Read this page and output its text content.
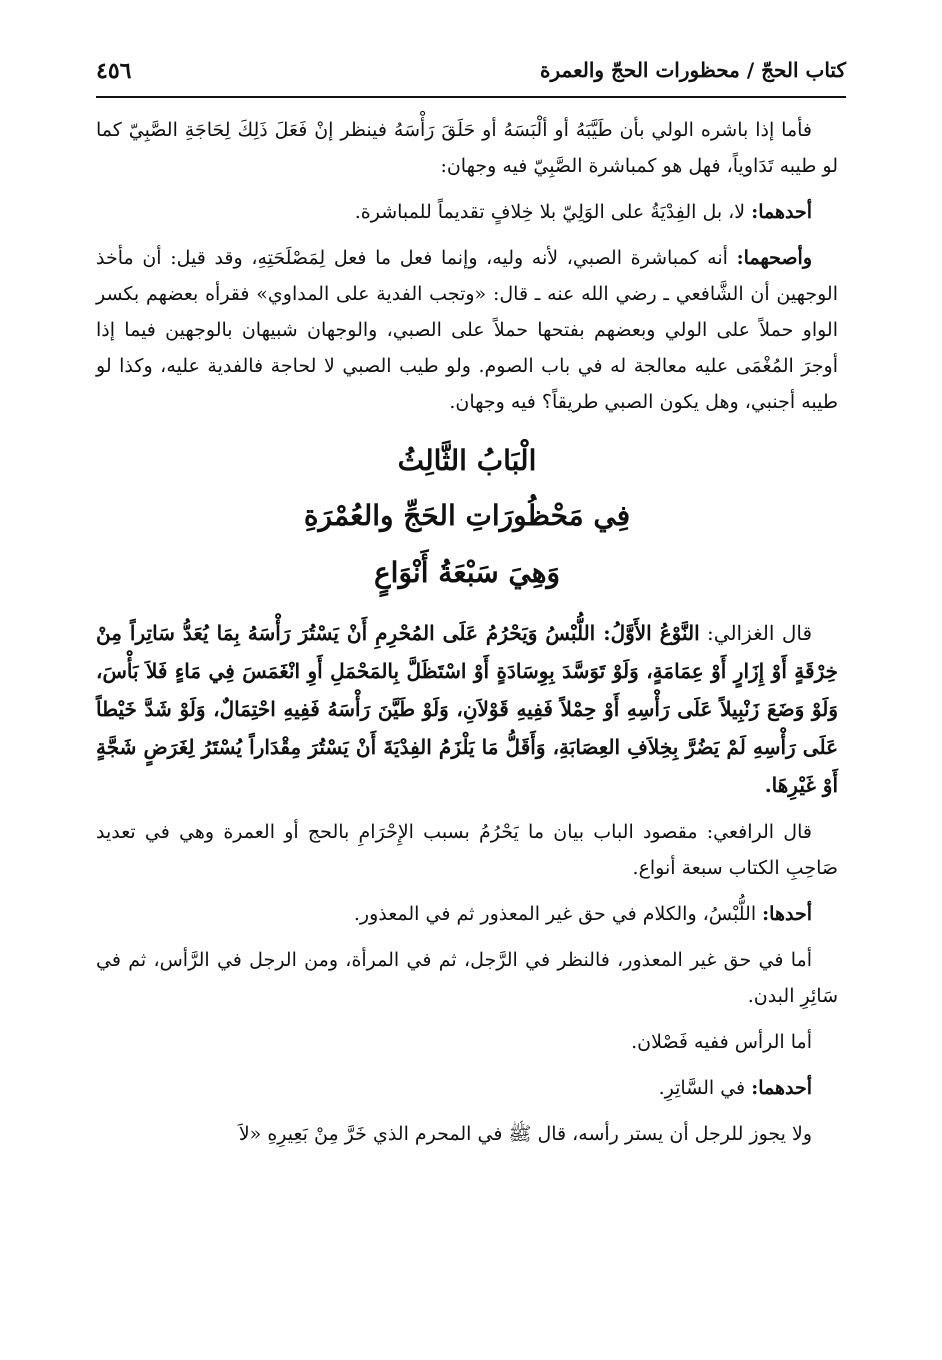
كتاب الحجّ / محظورات الحجّ والعمرة
٤٥٦

فأما إذا باشره الولي بأن طَيَّبَهُ أو ألْبَسَهُ أو حَلَقَ رَأْسَهُ فينظر إنْ فَعَلَ ذَلِكَ لِحَاجَةِ الصَّبِيّ كما لو طيبه تَدَاوياً، فهل هو كمباشرة الصَّبِيّ فيه وجهان:

أحدهما: لا، بل الفِدْيَةُ على الوَلِيّ بلا خِلافٍ تقديماً للمباشرة.

وأصحهما: أنه كمباشرة الصبي، لأنه وليه، وإنما فعل ما فعل لِمَصْلَحَتِهِ، وقد قيل: أن مأخذ الوجهين أن الشَّافعي ـ رضي الله عنه ـ قال: «وتجب الفدية على المداوي» فقرأه بعضهم بكسر الواو حملاً على الولي وبعضهم بفتحها حملاً على الصبي، والوجهان شبيهان بالوجهين فيما إذا أوجرَ المُغْمَى عليه معالجة له في باب الصوم. ولو طيب الصبي لا لحاجة فالفدية عليه، وكذا لو طيبه أجنبي، وهل يكون الصبي طريقاً؟ فيه وجهان.

الْبَابُ الثَّالِثُ

فِي مَحْظُورَاتِ الحَجِّ والعُمْرَةِ

وَهِيَ سَبْعَةُ أَنْوَاعٍ

قال الغزالي: النَّوْعُ الأَوَّلُ: اللُّبْسُ وَيَحْرُمُ عَلَى المُحْرِمِ أَنْ يَسْتُرَ رَأْسَهُ بِمَا يُعَدُّ سَاتِراً مِنْ خِرْقَةٍ أَوْ إِزَارٍ أَوْ عِمَامَةٍ، وَلَوْ تَوَسَّدَ بِوِسَادَةٍ أَوْ اسْتَظَلَّ بِالمَحْمَلِ أَوِ انْغَمَسَ فِي مَاءٍ فَلاَ بَأْسَ، وَلَوْ وَضَعَ زَنْبِيلاً عَلَى رَأْسِهِ أَوْ حِمْلاً فَفِيهِ قَوْلاَنِ، وَلَوْ طَيَّنَ رَأْسَهُ فَفِيهِ احْتِمَالٌ، وَلَوْ شَدَّ خَيْطاً عَلَى رَأْسِهِ لَمْ يَضُرَّ بِخِلاَفِ العِصَابَةِ، وَأَقَلُّ مَا يَلْزَمُ الفِدْيَةَ أَنْ يَسْتُرَ مِقْدَاراً يُسْتَرُ لِغَرَضٍ شَجَّةٍ أَوْ غَيْرِهَا.

قال الرافعي: مقصود الباب بيان ما يَحْرُمُ بسبب الإِحْرَامِ بالحج أو العمرة وهي في تعديد صَاحِبِ الكتاب سبعة أنواع.

أحدها: اللُّبْسُ، والكلام في حق غير المعذور ثم في المعذور.

أما في حق غير المعذور، فالنظر في الرَّجل، ثم في المرأة، ومن الرجل في الرَّأس، ثم في سَائِرِ البدن.

أما الرأس ففيه فَصْلان.

أحدهما: في السَّاتِرِ.

ولا يجوز للرجل أن يستر رأسه، قال ﷺ في المحرم الذي خَرَّ مِنْ بَعِيرِهِ «لاَ
